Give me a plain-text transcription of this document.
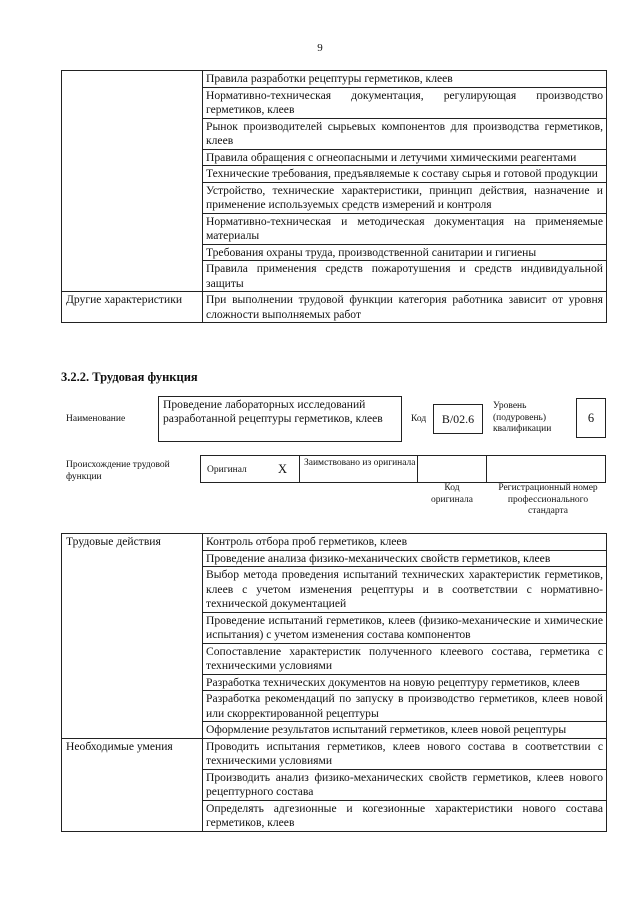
9
	Правила разработки рецептуры герметиков, клеев
	Нормативно-техническая документация, регулирующая производство герметиков, клеев
	Рынок производителей сырьевых компонентов для производства герметиков, клеев
	Правила обращения с огнеопасными и летучими химическими реагентами
	Технические требования, предъявляемые к составу сырья и готовой продукции
	Устройство, технические характеристики, принцип действия, назначение и применение используемых средств измерений и контроля
	Нормативно-техническая и методическая документация на применяемые материалы
	Требования охраны труда, производственной санитарии и гигиены
	Правила применения средств пожаротушения и средств индивидуальной защиты
Другие характеристики	При выполнении трудовой функции категория работника зависит от уровня сложности выполняемых работ
3.2.2. Трудовая функция
Наименование
Проведение лабораторных исследований разработанной рецептуры герметиков, клеев	Код	B/02.6
Уровень (подуровень) квалификации
6
Происхождение трудовой функции
Оригинал X Заимствовано из оригинала
Код оригинала
Регистрационный номер профессионального стандарта
Трудовые действия	Контроль отбора проб герметиков, клеев
	Проведение анализа физико-механических свойств герметиков, клеев
	Выбор метода проведения испытаний технических характеристик герметиков, клеев с учетом изменения рецептуры и в соответствии с нормативно-технической документацией
	Проведение испытаний герметиков, клеев (физико-механические и химические испытания) с учетом изменения состава компонентов
	Сопоставление характеристик полученного клеевого состава, герметика с техническими условиями
	Разработка технических документов на новую рецептуру герметиков, клеев
	Разработка рекомендаций по запуску в производство герметиков, клеев новой или скорректированной рецептуры
	Оформление результатов испытаний герметиков, клеев новой рецептуры
Необходимые умения	Проводить испытания герметиков, клеев нового состава в соответствии с техническими условиями
	Производить анализ физико-механических свойств герметиков, клеев нового рецептурного состава
	Определять адгезионные и когезионные характеристики нового состава герметиков, клеев
